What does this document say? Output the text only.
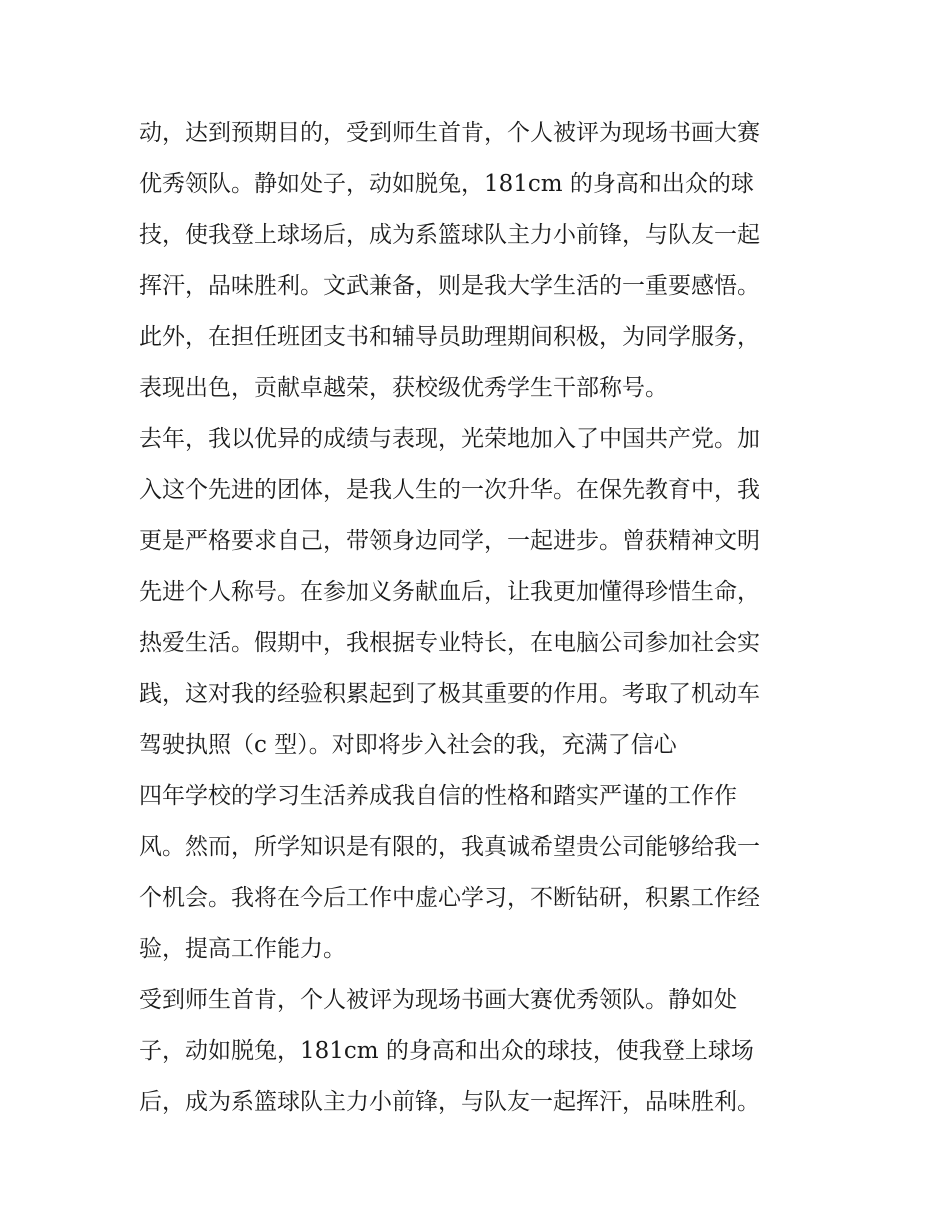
动，达到预期目的，受到师生首肯，个人被评为现场书画大赛
优秀领队。静如处子，动如脱兔，181cm 的身高和出众的球
技，使我登上球场后，成为系篮球队主力小前锋，与队友一起
挥汗，品味胜利。文武兼备，则是我大学生活的一重要感悟。
此外，在担任班团支书和辅导员助理期间积极，为同学服务，
表现出色，贡献卓越荣，获校级优秀学生干部称号。
去年，我以优异的成绩与表现，光荣地加入了中国共产党。加
入这个先进的团体，是我人生的一次升华。在保先教育中，我
更是严格要求自己，带领身边同学，一起进步。曾获精神文明
先进个人称号。在参加义务献血后，让我更加懂得珍惜生命，
热爱生活。假期中，我根据专业特长，在电脑公司参加社会实
践，这对我的经验积累起到了极其重要的作用。考取了机动车
驾驶执照（c 型）。对即将步入社会的我，充满了信心
四年学校的学习生活养成我自信的性格和踏实严谨的工作作
风。然而，所学知识是有限的，我真诚希望贵公司能够给我一
个机会。我将在今后工作中虚心学习，不断钻研，积累工作经
验，提高工作能力。
受到师生首肯，个人被评为现场书画大赛优秀领队。静如处
子，动如脱兔，181cm 的身高和出众的球技，使我登上球场
后，成为系篮球队主力小前锋，与队友一起挥汗，品味胜利。
